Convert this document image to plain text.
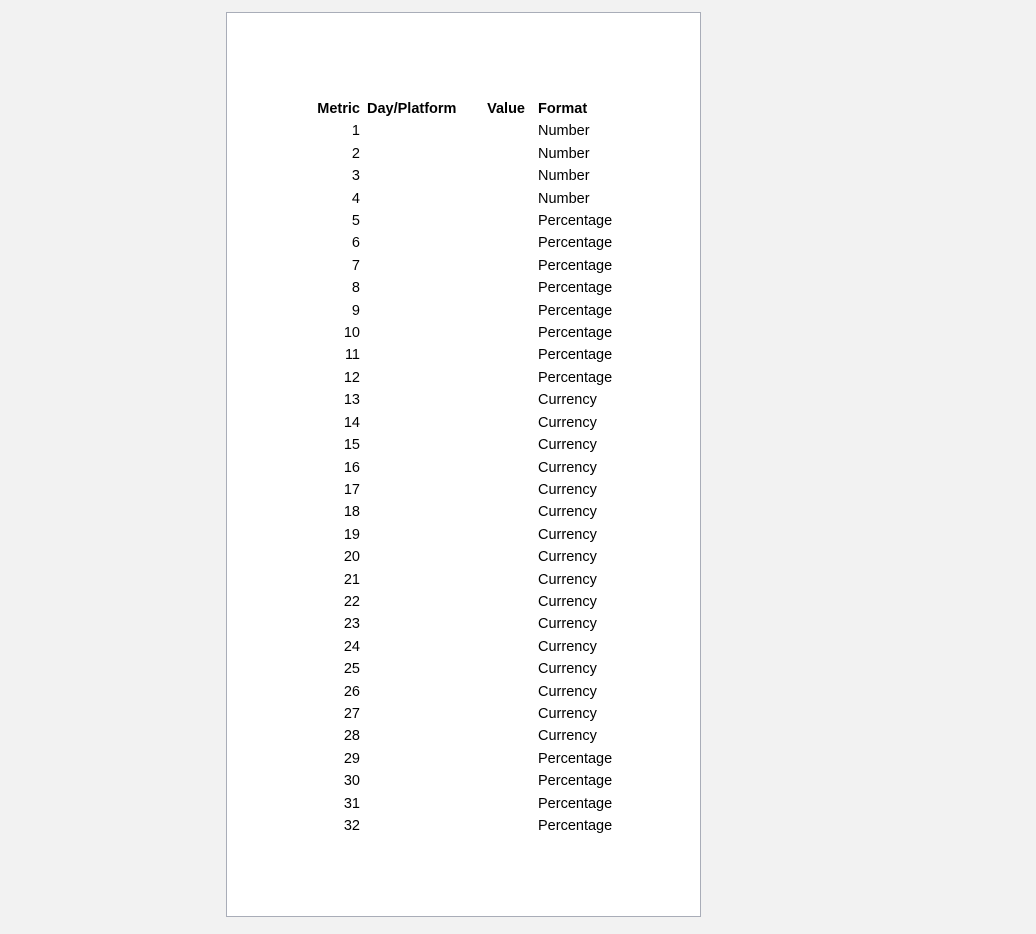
Metric	Day/Platform	Value	Format
1			Number
2			Number
3			Number
4			Number
5			Percentage
6			Percentage
7			Percentage
8			Percentage
9			Percentage
10			Percentage
11			Percentage
12			Percentage
13			Currency
14			Currency
15			Currency
16			Currency
17			Currency
18			Currency
19			Currency
20			Currency
21			Currency
22			Currency
23			Currency
24			Currency
25			Currency
26			Currency
27			Currency
28			Currency
29			Percentage
30			Percentage
31			Percentage
32			Percentage
